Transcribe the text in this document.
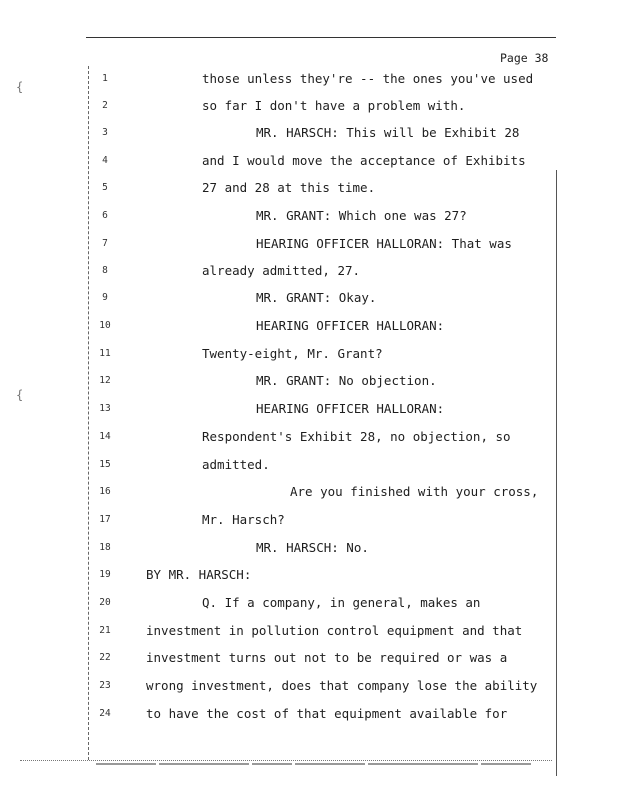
Page 38
{
{
1	those unless they're -- the ones you've used
2	so far I don't have a problem with.
3	MR. HARSCH: This will be Exhibit 28
4	and I would move the acceptance of Exhibits
5	27 and 28 at this time.
6	MR. GRANT: Which one was 27?
7	HEARING OFFICER HALLORAN: That was
8	already admitted, 27.
9	MR. GRANT: Okay.
10	HEARING OFFICER HALLORAN:
11	Twenty-eight, Mr. Grant?
12	MR. GRANT: No objection.
13	HEARING OFFICER HALLORAN:
14	Respondent's Exhibit 28, no objection, so
15	admitted.
16	Are you finished with your cross,
17	Mr. Harsch?
18	MR. HARSCH: No.
19	BY MR. HARSCH:
20	Q. If a company, in general, makes an
21	investment in pollution control equipment and that
22	investment turns out not to be required or was a
23	wrong investment, does that company lose the ability
24	to have the cost of that equipment available for
